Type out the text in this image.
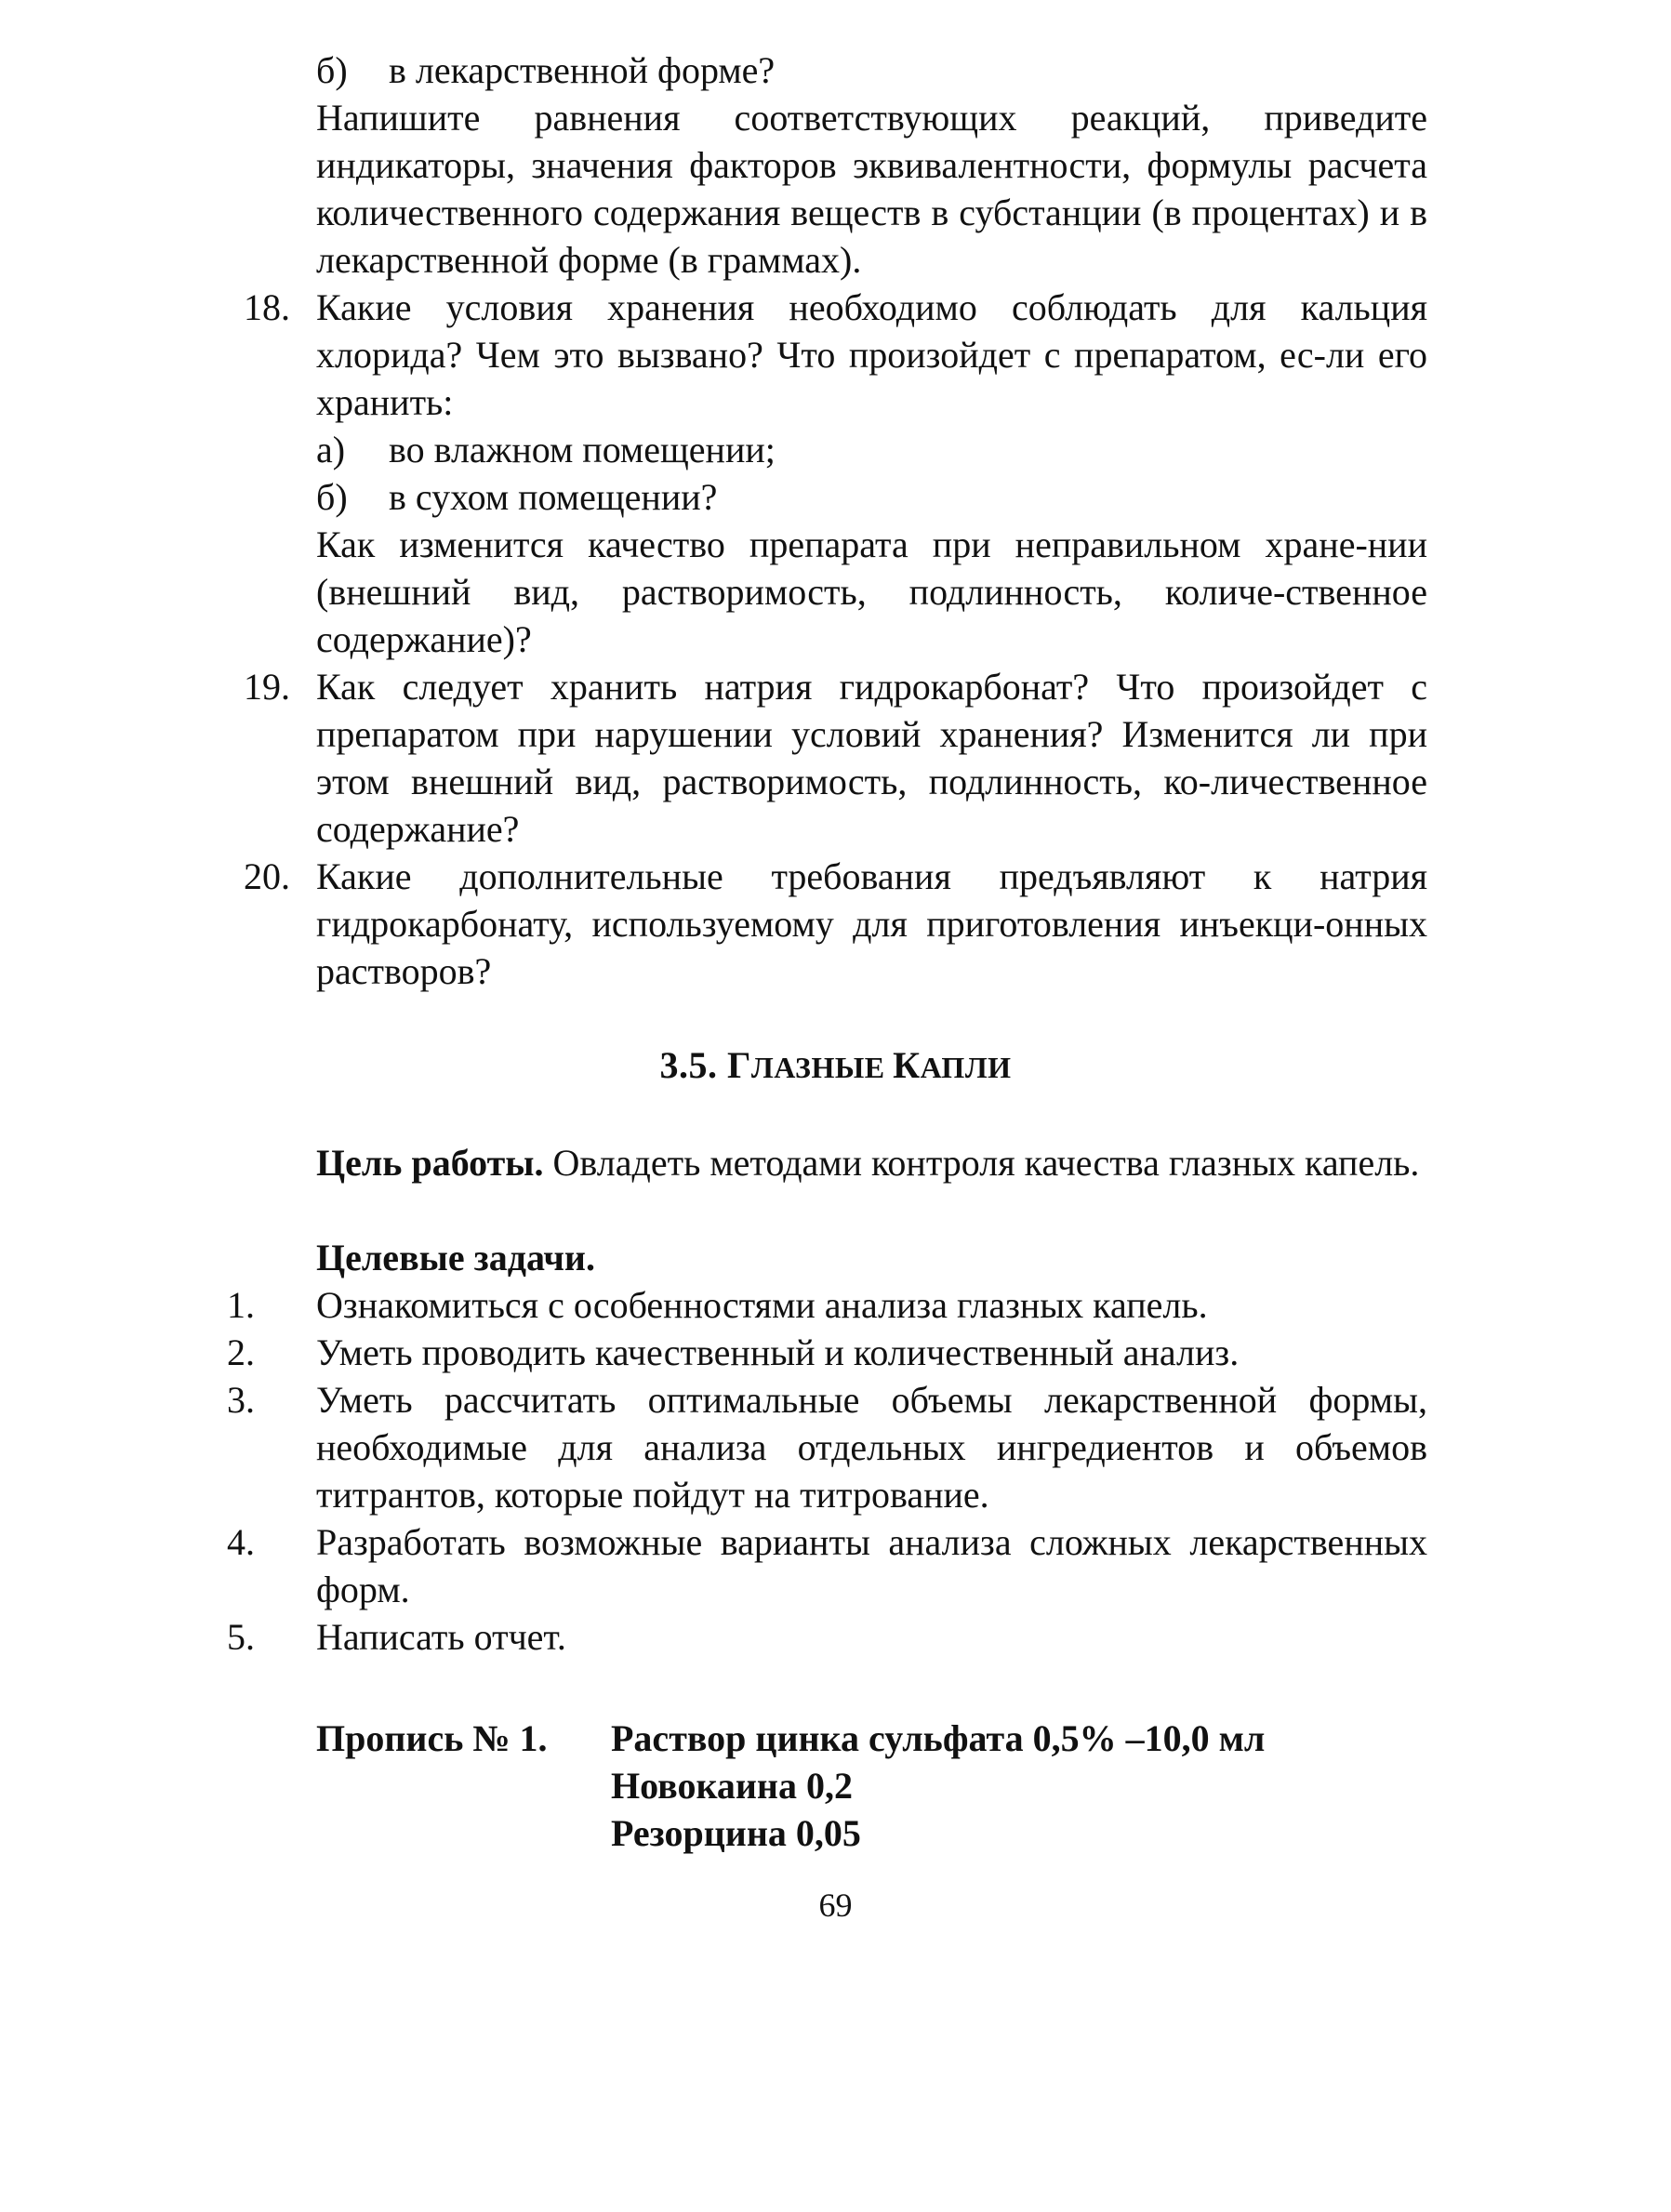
б) в лекарственной форме?

Напишите равнения соответствующих реакций, приведите индикаторы, значения факторов эквивалентности, формулы расчета количественного содержания веществ в субстанции (в процентах) и в лекарственной форме (в граммах).

18. Какие условия хранения необходимо соблюдать для кальция хлорида? Чем это вызвано? Что произойдет с препаратом, ес-ли его хранить:

а) во влажном помещении;
б) в сухом помещении?

Как изменится качество препарата при неправильном хране-нии (внешний вид, растворимость, подлинность, количе-ственное содержание)?

19. Как следует хранить натрия гидрокарбонат? Что произойдет с препаратом при нарушении условий хранения? Изменится ли при этом внешний вид, растворимость, подлинность, ко-личественное содержание?

20. Какие дополнительные требования предъявляют к натрия гидрокарбонату, используемому для приготовления инъекци-онных растворов?

3.5. ГЛАЗНЫЕ КАПЛИ

Цель работы. Овладеть методами контроля качества глазных капель.

Целевые задачи.
1. Ознакомиться с особенностями анализа глазных капель.

2. Уметь проводить качественный и количественный анализ.

3. Уметь рассчитать оптимальные объемы лекарственной формы, необходимые для анализа отдельных ингредиентов и объемов титрантов, которые пойдут на титрование.

4. Разработать возможные варианты анализа сложных лекарственных форм.

5. Написать отчет.

Пропись № 1. Раствор цинка сульфата 0,5% –10,0 мл
Новокаина 0,2
Резорцина 0,05
69
